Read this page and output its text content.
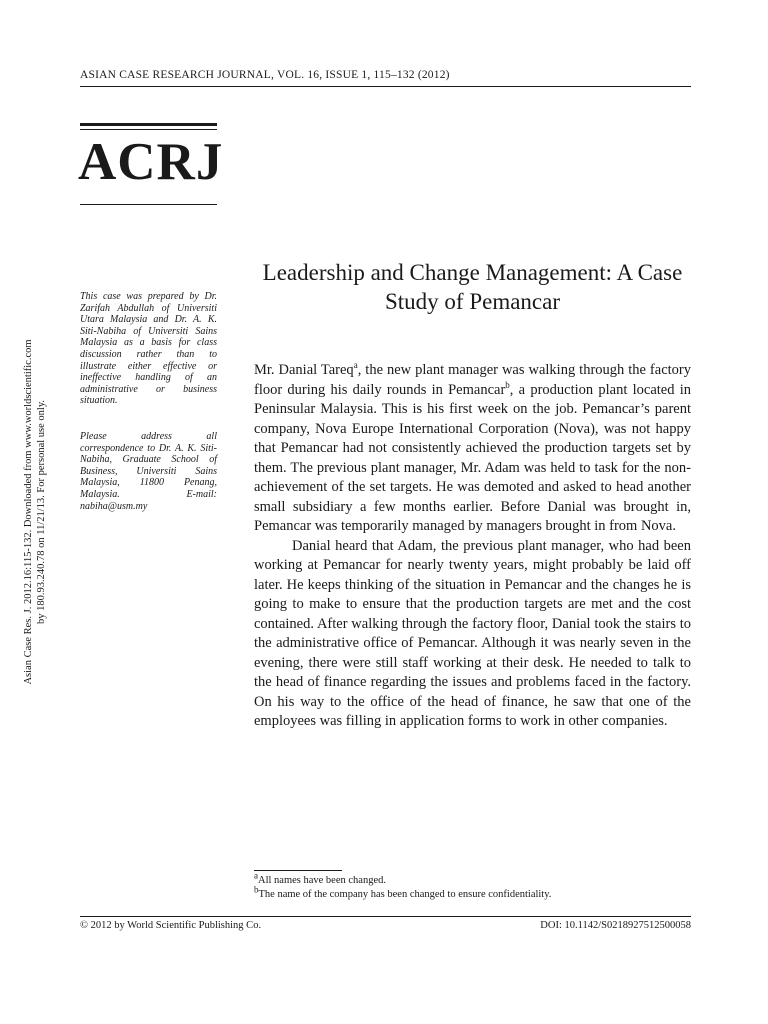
ASIAN CASE RESEARCH JOURNAL, VOL. 16, ISSUE 1, 115–132 (2012)
ACRJ
Asian Case Res. J. 2012.16:115-132. Downloaded from www.worldscientific.com by 180.93.240.78 on 11/21/13. For personal use only.
This case was prepared by Dr. Zarifah Abdullah of Universiti Utara Malaysia and Dr. A. K. Siti-Nabiha of Universiti Sains Malaysia as a basis for class discussion rather than to illustrate either effective or ineffective handling of an administrative or business situation.
Please address all correspondence to Dr. A. K. Siti-Nabiha, Graduate School of Business, Universiti Sains Malaysia, 11800 Penang, Malaysia. E-mail: nabiha@usm.my
Leadership and Change Management: A Case Study of Pemancar

Mr. Danial Tareq$^a$, the new plant manager was walking through the factory floor during his daily rounds in Pemancar$^b$, a production plant located in Peninsular Malaysia. This is his first week on the job. Pemancar’s parent company, Nova Europe International Corporation (Nova), was not happy that Pemancar had not consistently achieved the production targets set by them. The previous plant manager, Mr. Adam was held to task for the non-achievement of the set targets. He was demoted and asked to head another small subsidiary a few months earlier. Before Danial was brought in, Pemancar was temporarily managed by managers brought in from Nova.

Danial heard that Adam, the previous plant manager, who had been working at Pemancar for nearly twenty years, might probably be laid off later. He keeps thinking of the situation in Pemancar and the changes he is going to make to ensure that the production targets are met and the cost contained. After walking through the factory floor, Danial took the stairs to the administrative office of Pemancar. Although it was nearly seven in the evening, there were still staff working at their desk. He needed to talk to the head of finance regarding the issues and problems faced in the factory. On his way to the office of the head of finance, he saw that one of the employees was filling in application forms to work in other companies.

$^a$All names have been changed.
$^b$The name of the company has been changed to ensure confidentiality.
© 2012 by World Scientific Publishing Co.	DOI: 10.1142/S0218927512500058
